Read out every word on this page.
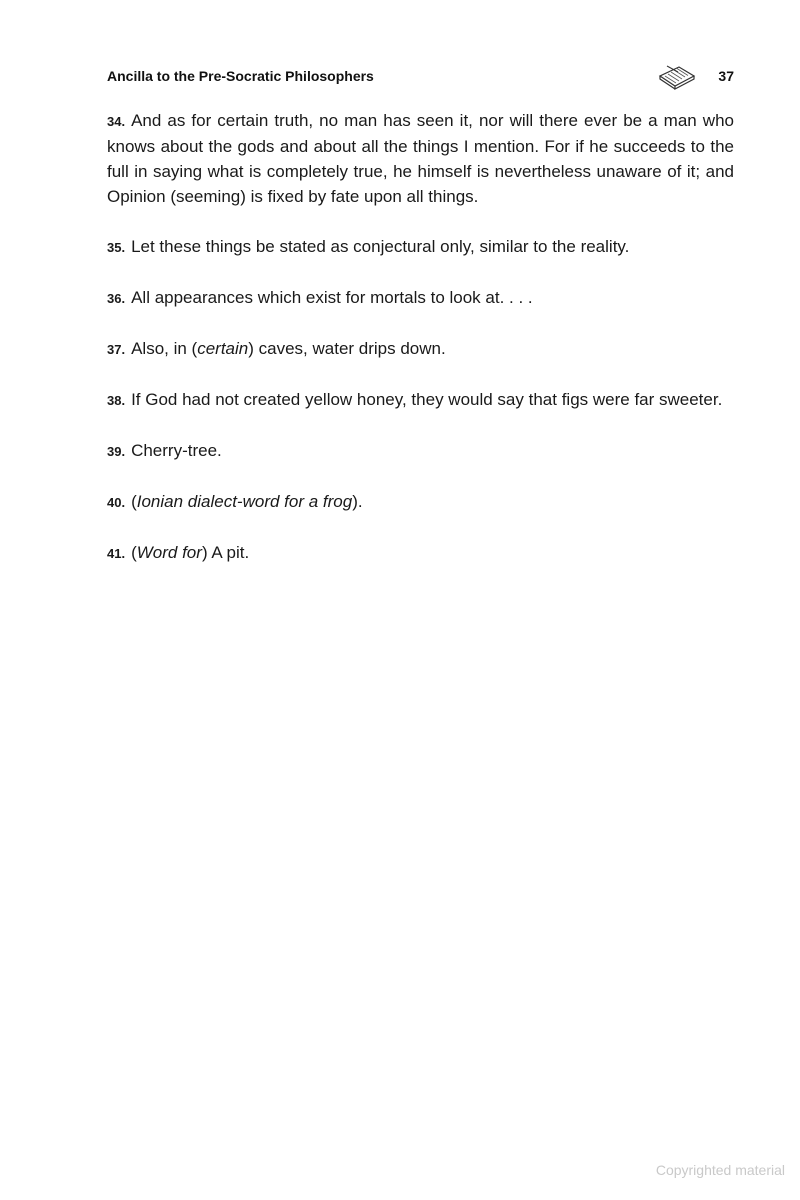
Ancilla to the Pre-Socratic Philosophers	37

34. And as for certain truth, no man has seen it, nor will there ever be a man who knows about the gods and about all the things I mention. For if he succeeds to the full in saying what is completely true, he himself is nevertheless unaware of it; and Opinion (seeming) is fixed by fate upon all things.

35. Let these things be stated as conjectural only, similar to the reality.

36. All appearances which exist for mortals to look at. . . .

37. Also, in (certain) caves, water drips down.

38. If God had not created yellow honey, they would say that figs were far sweeter.

39. Cherry-tree.

40. (Ionian dialect-word for a frog).

41. (Word for) A pit.

Copyrighted material
